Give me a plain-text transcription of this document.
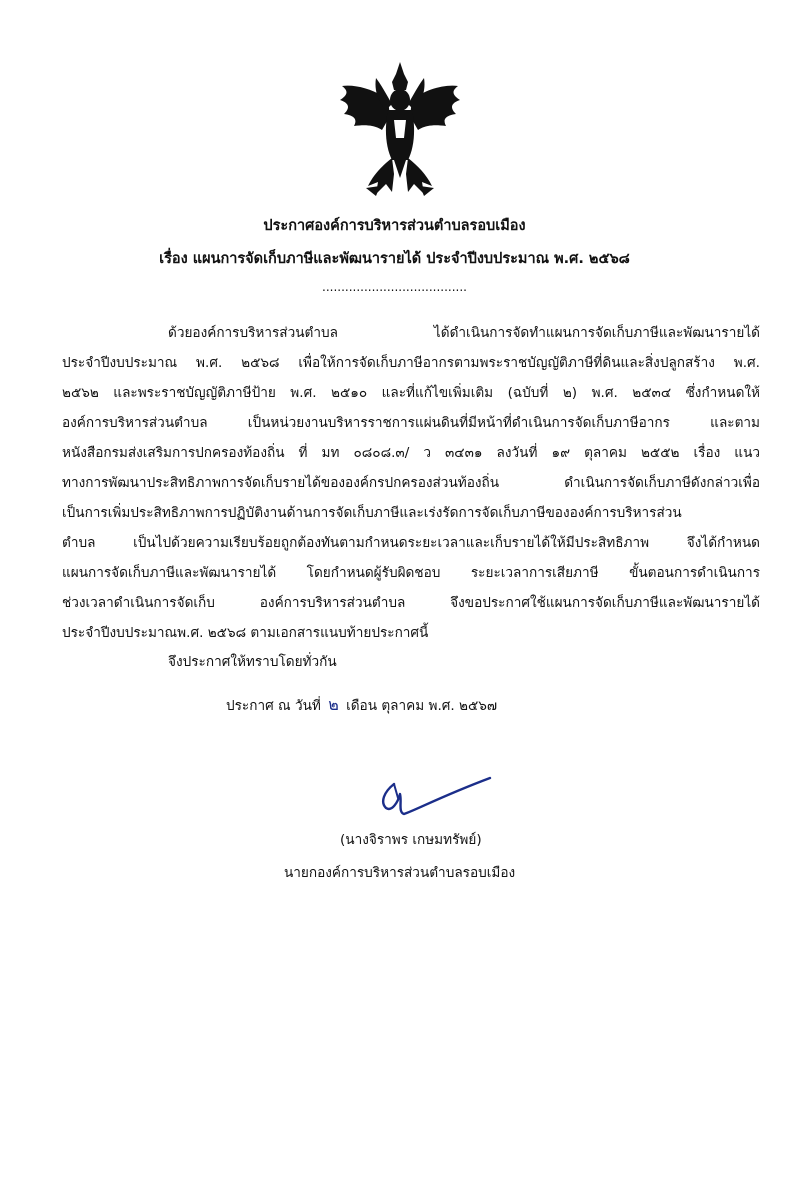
ประกาศองค์การบริหารส่วนตำบลรอบเมือง
เรื่อง แผนการจัดเก็บภาษีและพัฒนารายได้ ประจำปีงบประมาณ พ.ศ. ๒๕๖๘
......................................
ด้วยองค์การบริหารส่วนตำบล ได้ดำเนินการจัดทำแผนการจัดเก็บภาษีและพัฒนารายได้
ประจำปีงบประมาณ พ.ศ. ๒๕๖๘ เพื่อให้การจัดเก็บภาษีอากรตามพระราชบัญญัติภาษีที่ดินและสิ่งปลูกสร้าง พ.ศ.
๒๕๖๒ และพระราชบัญญัติภาษีป้าย พ.ศ. ๒๕๑๐ และที่แก้ไขเพิ่มเติม (ฉบับที่ ๒) พ.ศ. ๒๕๓๔ ซึ่งกำหนดให้
องค์การบริหารส่วนตำบล เป็นหน่วยงานบริหารราชการแผ่นดินที่มีหน้าที่ดำเนินการจัดเก็บภาษีอากร และตาม
หนังสือกรมส่งเสริมการปกครองท้องถิ่น ที่ มท ๐๘๐๘.๓/ ว ๓๔๓๑ ลงวันที่ ๑๙ ตุลาคม ๒๕๕๒ เรื่อง แนว
ทางการพัฒนาประสิทธิภาพการจัดเก็บรายได้ขององค์กรปกครองส่วนท้องถิ่น ดำเนินการจัดเก็บภาษีดังกล่าวเพื่อ
เป็นการเพิ่มประสิทธิภาพการปฏิบัติงานด้านการจัดเก็บภาษีและเร่งรัดการจัดเก็บภาษีขององค์การบริหารส่วน
ตำบล เป็นไปด้วยความเรียบร้อยถูกต้องทันตามกำหนดระยะเวลาและเก็บรายได้ให้มีประสิทธิภาพ จึงได้กำหนด
แผนการจัดเก็บภาษีและพัฒนารายได้ โดยกำหนดผู้รับผิดชอบ ระยะเวลาการเสียภาษี ขั้นตอนการดำเนินการ
ช่วงเวลาดำเนินการจัดเก็บ องค์การบริหารส่วนตำบล จึงขอประกาศใช้แผนการจัดเก็บภาษีและพัฒนารายได้
จึงประกาศให้ทราบโดยทั่วกัน
ประกาศ ณ วันที่ ๒ เดือน ตุลาคม พ.ศ. ๒๕๖๗
(นางจิราพร เกษมทรัพย์)
นายกองค์การบริหารส่วนตำบลรอบเมือง
ประจำปีงบประมาณพ.ศ. ๒๕๖๘ ตามเอกสารแนบท้ายประกาศนี้
